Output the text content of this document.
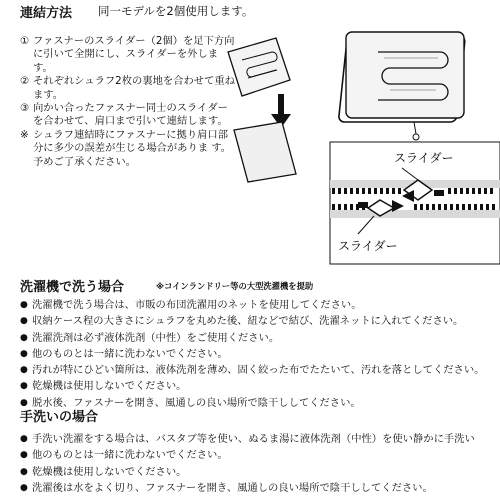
連結方法 同一モデルを2個使用します。
① ファスナーのスライダー（2個）を足下方向に引いて全開にし、スライダーを外します。
② それぞれシュラフ2枚の裏地を合わせて重ねます。
③ 向かい合ったファスナー同士のスライダーを合わせて、肩口まで引いて連結します。
※ シュラフ連結時にファスナーに拠り肩口部分に多少の誤差が生じる場合がありま す。予めご了承ください。	スライダー
スライダー
洗濯機で洗う場合	※コインランドリー等の大型洗濯機を提助
● 洗濯機で洗う場合は、市販の布団洗濯用のネットを使用してください。
● 収納ケース程の大きさにシュラフを丸めた後、紐などで結び、洗濯ネットに入れてください。
● 洗濯洗剤は必ず液体洗剤（中性）をご使用ください。
● 他のものとは一緒に洗わないでください。
● 汚れが特にひどい箇所は、液体洗剤を薄め、固く絞った布でたたいて、汚れを落としてください。
● 乾燥機は使用しないでください。
● 脱水後、ファスナーを開き、風通しの良い場所で陰干ししてください。
手洗いの場合
● 手洗い洗濯をする場合は、バスタブ等を使い、ぬるま湯に液体洗剤（中性）を使い静かに手洗い
● 他のものとは一緒に洗わないでください。
● 乾燥機は使用しないでください。
● 洗濯後は水をよく切り、ファスナーを開き、風通しの良い場所で陰干ししてください。
